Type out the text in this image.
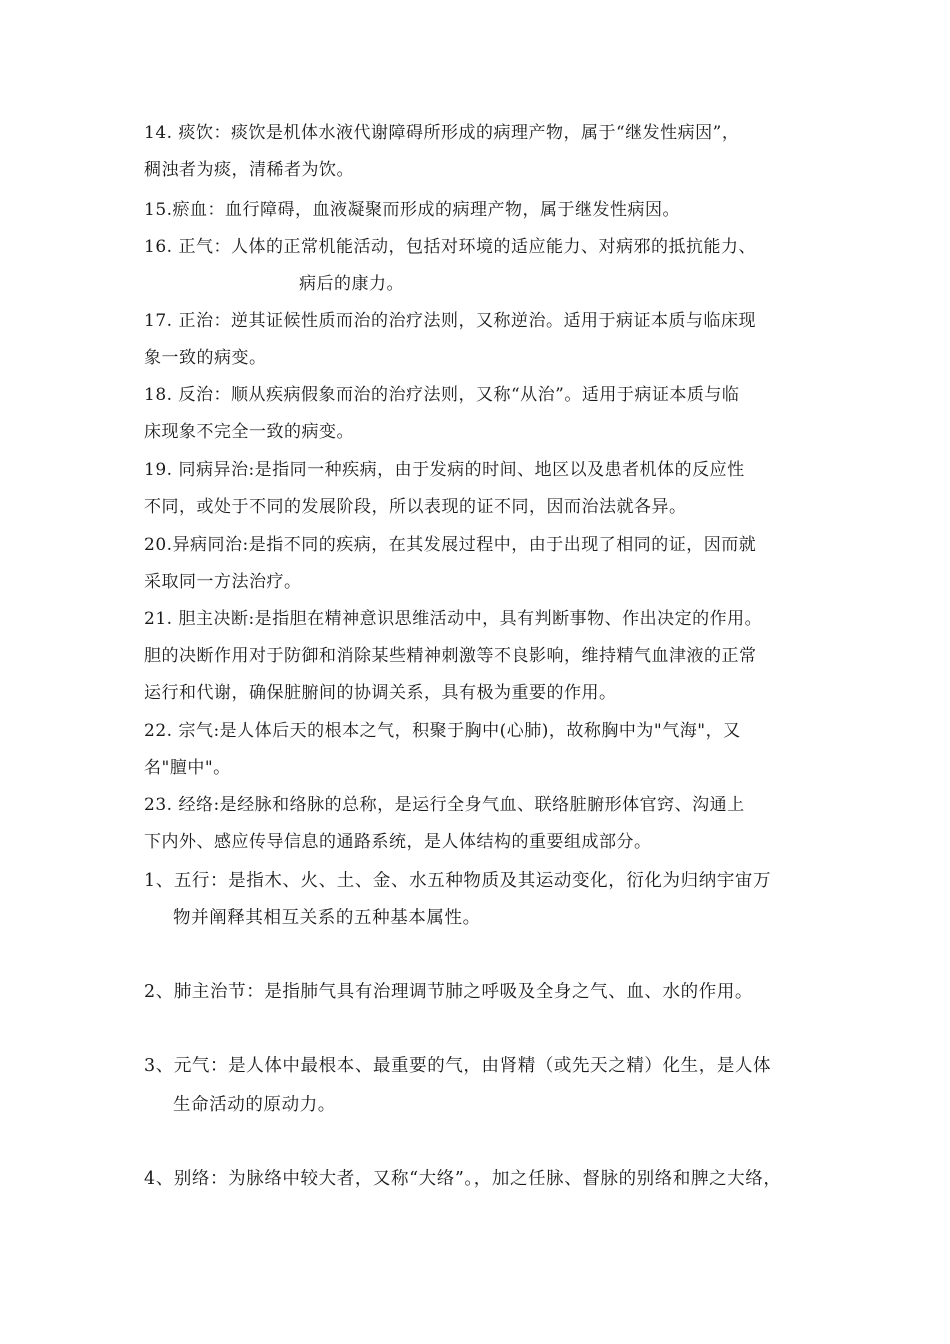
14. 痰饮：痰饮是机体水液代谢障碍所形成的病理产物，属于“继发性病因”，
稠浊者为痰，清稀者为饮。
15.瘀血：血行障碍，血液凝聚而形成的病理产物，属于继发性病因。
16. 正气：人体的正常机能活动，包括对环境的适应能力、对病邪的抵抗能力、
病后的康力。
17. 正治：逆其证候性质而治的治疗法则，又称逆治。适用于病证本质与临床现
象一致的病变。
18. 反治：顺从疾病假象而治的治疗法则，又称“从治”。适用于病证本质与临
床现象不完全一致的病变。
19. 同病异治:是指同一种疾病，由于发病的时间、地区以及患者机体的反应性
不同，或处于不同的发展阶段，所以表现的证不同，因而治法就各异。
20.异病同治:是指不同的疾病，在其发展过程中，由于出现了相同的证，因而就
采取同一方法治疗。
21. 胆主决断:是指胆在精神意识思维活动中，具有判断事物、作出决定的作用。
胆的决断作用对于防御和消除某些精神刺激等不良影响，维持精气血津液的正常
运行和代谢，确保脏腑间的协调关系，具有极为重要的作用。
22. 宗气:是人体后天的根本之气，积聚于胸中(心肺)，故称胸中为"气海"，又
名"膻中"。
23. 经络:是经脉和络脉的总称，是运行全身气血、联络脏腑形体官窍、沟通上
下内外、感应传导信息的通路系统，是人体结构的重要组成部分。
1、五行：是指木、火、土、金、水五种物质及其运动变化，衍化为归纳宇宙万
物并阐释其相互关系的五种基本属性。
2、肺主治节：是指肺气具有治理调节肺之呼吸及全身之气、血、水的作用。
3、元气：是人体中最根本、最重要的气，由肾精（或先天之精）化生，是人体
生命活动的原动力。
4、别络：为脉络中较大者，又称“大络”。，加之任脉、督脉的别络和脾之大络，
